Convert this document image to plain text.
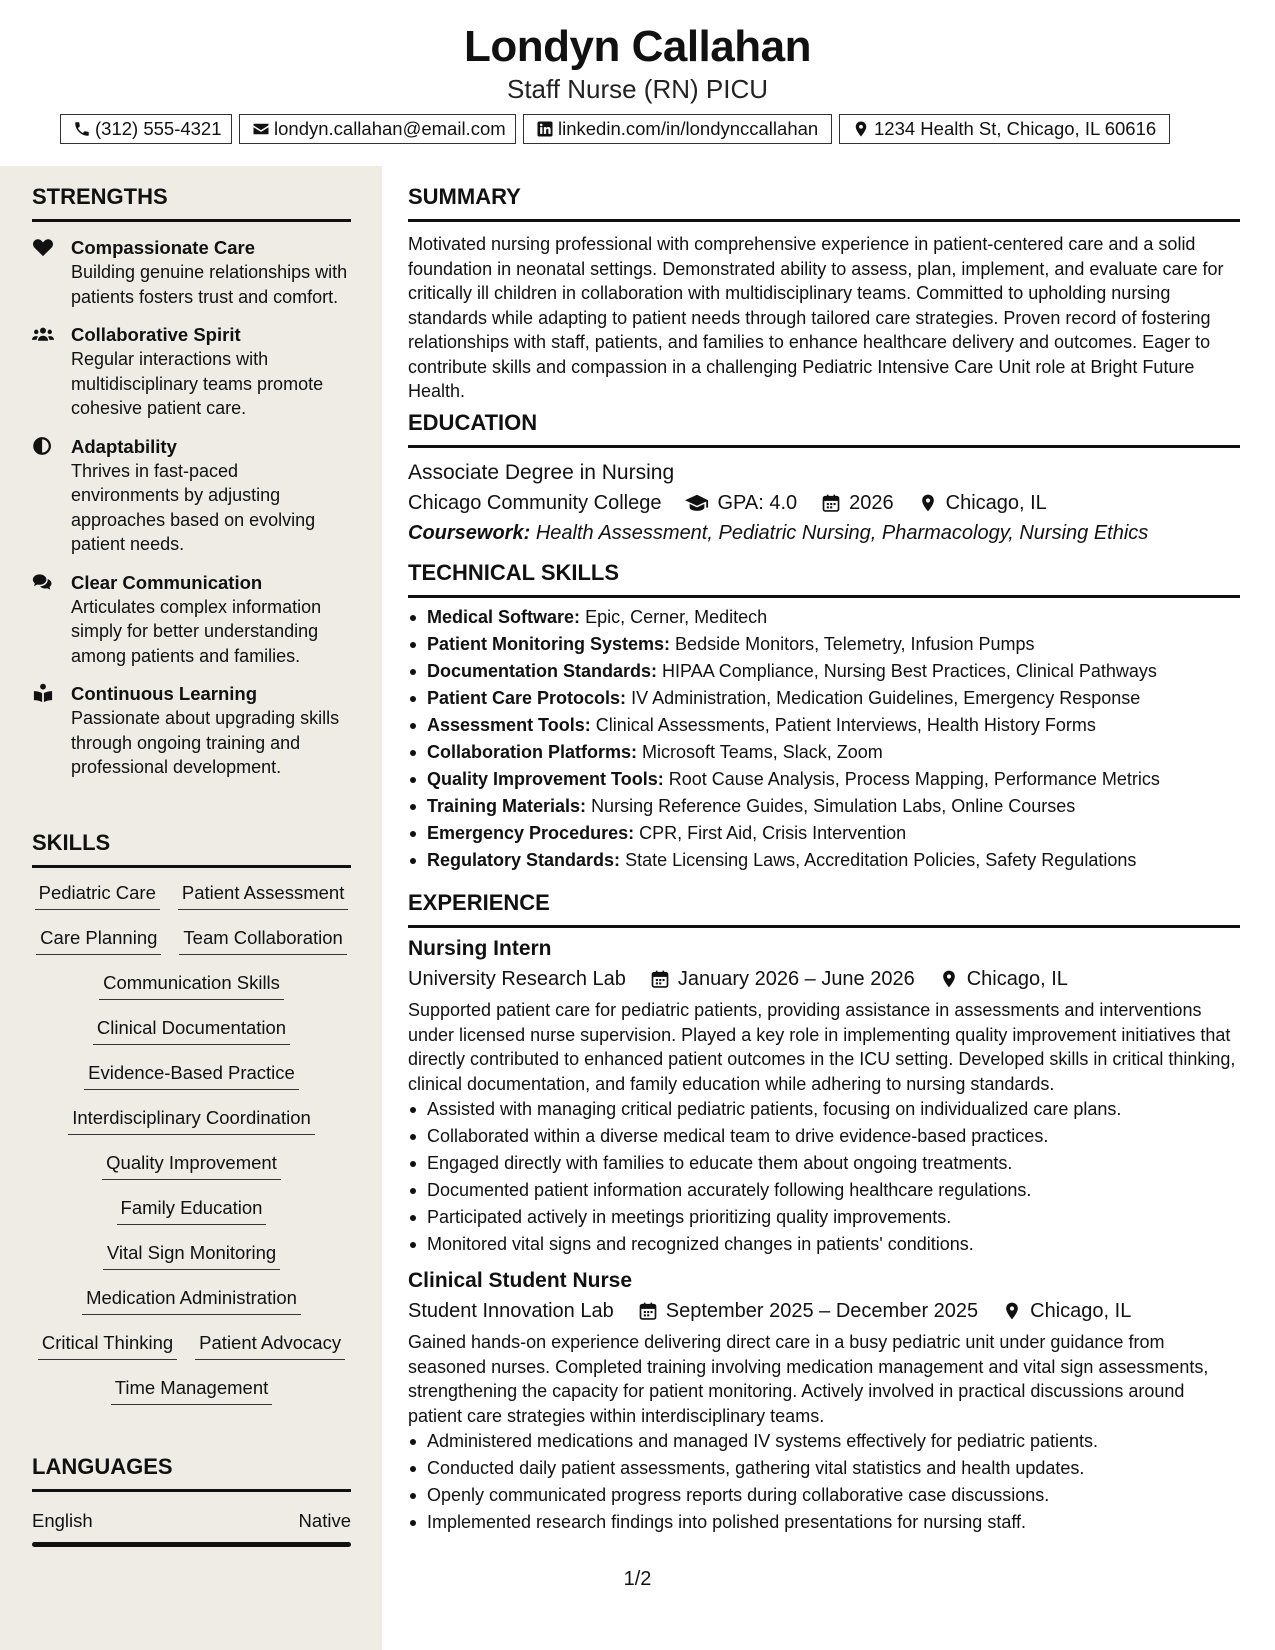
Londyn Callahan
Staff Nurse (RN) PICU
(312) 555-4321	londyn.callahan@email.com	linkedin.com/in/londynccallahan	1234 Health St, Chicago, IL 60616
STRENGTHS
Compassionate Care
Building genuine relationships with patients fosters trust and comfort.
Collaborative Spirit
Regular interactions with multidisciplinary teams promote cohesive patient care.
Adaptability
Thrives in fast-paced environments by adjusting approaches based on evolving patient needs.
Clear Communication
Articulates complex information simply for better understanding among patients and families.
Continuous Learning
Passionate about upgrading skills through ongoing training and professional development.
SKILLS
Pediatric Care Patient Assessment
Care Planning Team Collaboration
Communication Skills
Clinical Documentation
Evidence-Based Practice
Interdisciplinary Coordination
Quality Improvement
Family Education
Vital Sign Monitoring
Medication Administration
Critical Thinking Patient Advocacy
Time Management
LANGUAGES
English	Native
SUMMARY
Motivated nursing professional with comprehensive experience in patient-centered care and a solid foundation in neonatal settings. Demonstrated ability to assess, plan, implement, and evaluate care for critically ill children in collaboration with multidisciplinary teams. Committed to upholding nursing standards while adapting to patient needs through tailored care strategies. Proven record of fostering relationships with staff, patients, and families to enhance healthcare delivery and outcomes. Eager to contribute skills and compassion in a challenging Pediatric Intensive Care Unit role at Bright Future Health.
EDUCATION
Associate Degree in Nursing
Chicago Community College	GPA: 4.0	2026	Chicago, IL
Coursework: Health Assessment, Pediatric Nursing, Pharmacology, Nursing Ethics
TECHNICAL SKILLS
Medical Software: Epic, Cerner, Meditech
Patient Monitoring Systems: Bedside Monitors, Telemetry, Infusion Pumps
Documentation Standards: HIPAA Compliance, Nursing Best Practices, Clinical Pathways
Patient Care Protocols: IV Administration, Medication Guidelines, Emergency Response
Assessment Tools: Clinical Assessments, Patient Interviews, Health History Forms
Collaboration Platforms: Microsoft Teams, Slack, Zoom
Quality Improvement Tools: Root Cause Analysis, Process Mapping, Performance Metrics
Training Materials: Nursing Reference Guides, Simulation Labs, Online Courses
Emergency Procedures: CPR, First Aid, Crisis Intervention
Regulatory Standards: State Licensing Laws, Accreditation Policies, Safety Regulations
EXPERIENCE
Nursing Intern
University Research Lab	January 2026 – June 2026	Chicago, IL
Supported patient care for pediatric patients, providing assistance in assessments and interventions under licensed nurse supervision. Played a key role in implementing quality improvement initiatives that directly contributed to enhanced patient outcomes in the ICU setting. Developed skills in critical thinking, clinical documentation, and family education while adhering to nursing standards.
Assisted with managing critical pediatric patients, focusing on individualized care plans.
Collaborated within a diverse medical team to drive evidence-based practices.
Engaged directly with families to educate them about ongoing treatments.
Documented patient information accurately following healthcare regulations.
Participated actively in meetings prioritizing quality improvements.
Monitored vital signs and recognized changes in patients' conditions.
Clinical Student Nurse
Student Innovation Lab	September 2025 – December 2025	Chicago, IL
Gained hands-on experience delivering direct care in a busy pediatric unit under guidance from seasoned nurses. Completed training involving medication management and vital sign assessments, strengthening the capacity for patient monitoring. Actively involved in practical discussions around patient care strategies within interdisciplinary teams.
Administered medications and managed IV systems effectively for pediatric patients.
Conducted daily patient assessments, gathering vital statistics and health updates.
Openly communicated progress reports during collaborative case discussions.
Implemented research findings into polished presentations for nursing staff.
1/2
